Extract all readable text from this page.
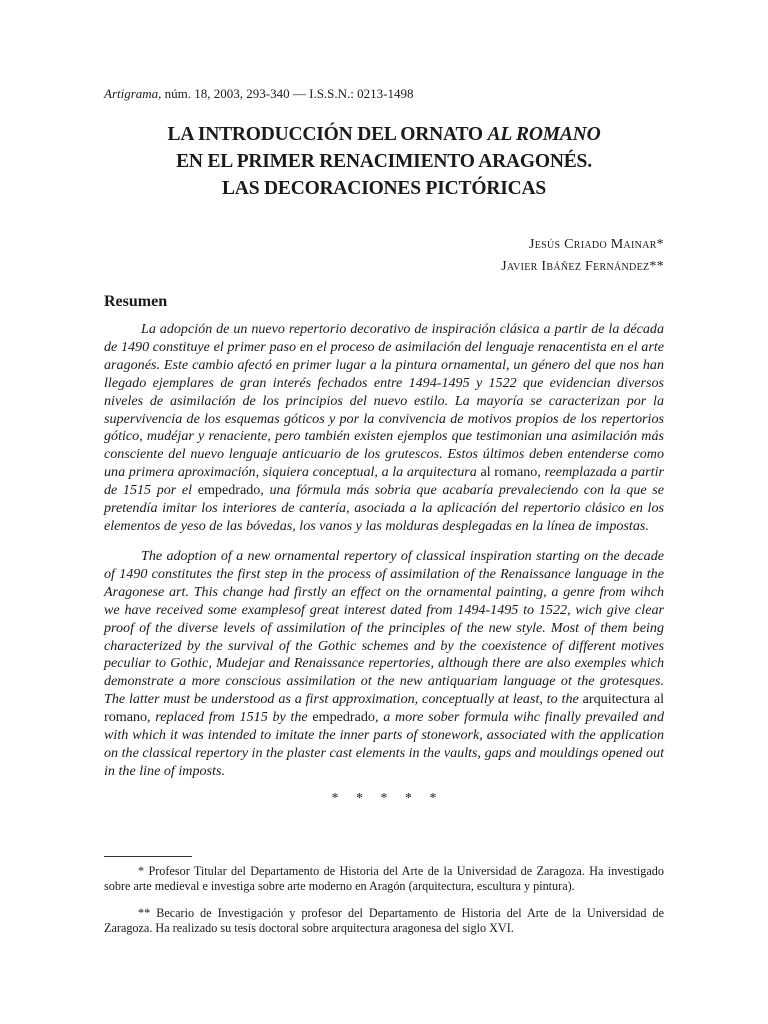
Artigrama, núm. 18, 2003, 293-340 — I.S.S.N.: 0213-1498
LA INTRODUCCIÓN DEL ORNATO AL ROMANO
EN EL PRIMER RENACIMIENTO ARAGONÉS.
LAS DECORACIONES PICTÓRICAS
Jesús Criado Mainar*
Javier Ibáñez Fernández**
Resumen

La adopción de un nuevo repertorio decorativo de inspiración clásica a partir de la década de 1490 constituye el primer paso en el proceso de asimilación del lenguaje renacentista en el arte aragonés. Este cambio afectó en primer lugar a la pintura ornamental, un género del que nos han llegado ejemplares de gran interés fechados entre 1494-1495 y 1522 que evidencian diversos niveles de asimilación de los principios del nuevo estilo. La mayoría se caracterizan por la supervivencia de los esquemas góticos y por la convivencia de motivos propios de los repertorios gótico, mudéjar y renaciente, pero también existen ejemplos que testimonian una asimilación más consciente del nuevo lenguaje anticuario de los grutescos. Estos últimos deben entenderse como una primera aproximación, siquiera conceptual, a la arquitectura al romano, reemplazada a partir de 1515 por el empedrado, una fórmula más sobria que acabaría prevaleciendo con la que se pretendía imitar los interiores de cantería, asociada a la aplicación del repertorio clásico en los elementos de yeso de las bóvedas, los vanos y las molduras desplegadas en la línea de impostas.

The adoption of a new ornamental repertory of classical inspiration starting on the decade of 1490 constitutes the first step in the process of assimilation of the Renaissance language in the Aragonese art. This change had firstly an effect on the ornamental painting, a genre from wihch we have received some examplesof great interest dated from 1494-1495 to 1522, wich give clear proof of the diverse levels of assimilation of the principles of the new style. Most of them being characterized by the survival of the Gothic schemes and by the coexistence of different motives peculiar to Gothic, Mudejar and Renaissance repertories, although there are also exemples which demonstrate a more conscious assimilation ot the new antiquariam language ot the grotesques. The latter must be understood as a first approximation, conceptually at least, to the arquitectura al romano, replaced from 1515 by the empedrado, a more sober formula wihc finally prevailed and with which it was intended to imitate the inner parts of stonework, associated with the application on the classical repertory in the plaster cast elements in the vaults, gaps and mouldings opened out in the line of imposts.

* * * * *

* Profesor Titular del Departamento de Historia del Arte de la Universidad de Zaragoza. Ha investigado sobre arte medieval e investiga sobre arte moderno en Aragón (arquitectura, escultura y pintura).

** Becario de Investigación y profesor del Departamento de Historia del Arte de la Universidad de Zaragoza. Ha realizado su tesis doctoral sobre arquitectura aragonesa del siglo XVI.
